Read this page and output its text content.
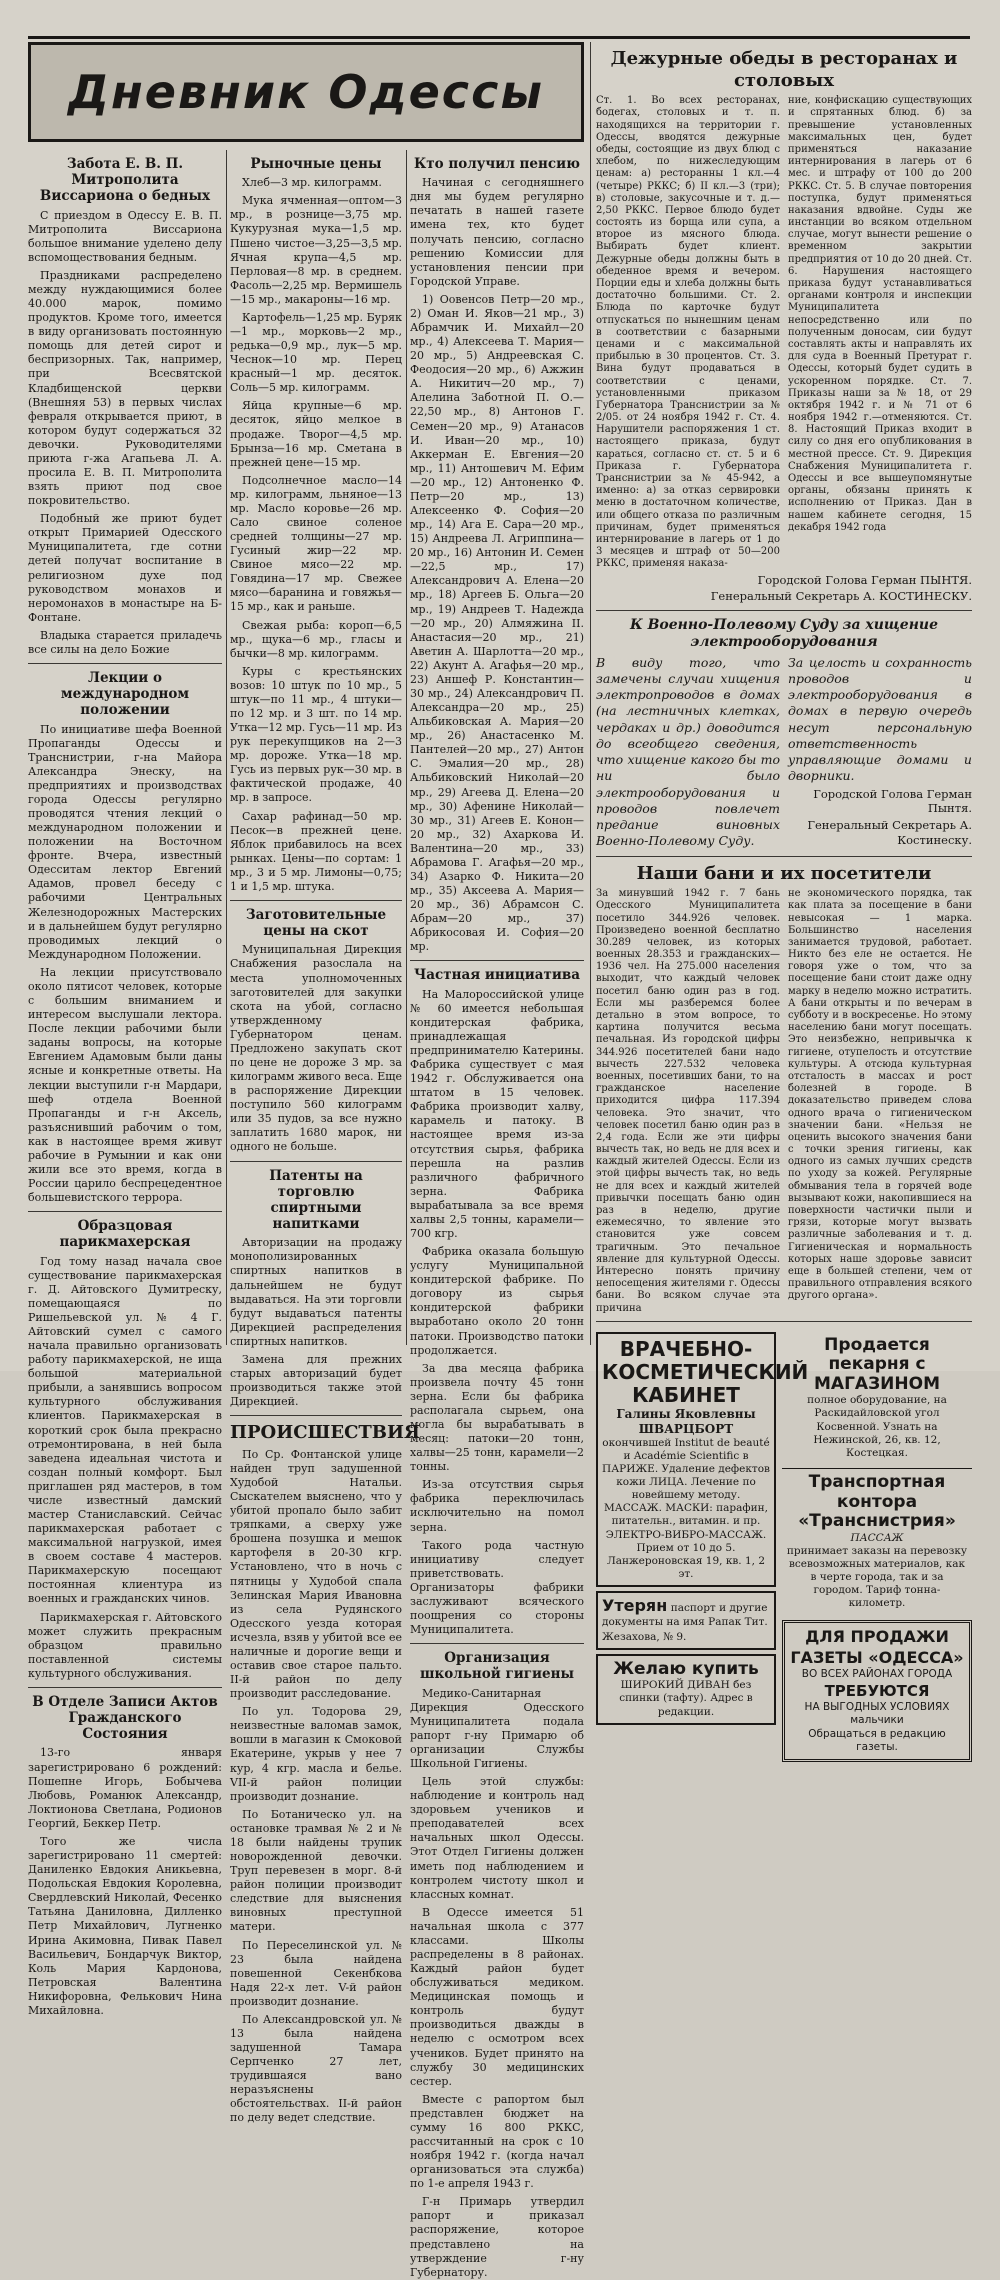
Дневник Одессы
Забота Е. В. П. Митрополита Виссариона о бедных

С приездом в Одессу Е. В. П. Митрополита Виссариона большое внимание уделено делу вспомоществования бедным.

Праздниками распределено между нуждающимися более 40.000 марок, помимо продуктов. Кроме того, имеется в виду организовать постоянную помощь для детей сирот и беспризорных. Так, например, при Всесвятской Кладбищенской церкви (Внешняя 53) в первых числах февраля открывается приют, в котором будут содержаться 32 девочки. Руководителями приюта г-жа Агапьева Л. А. просила Е. В. П. Митрополита взять приют под свое покровительство.

Подобный же приют будет открыт Примарией Одесского Муниципалитета, где сотни детей получат воспитание в религиозном духе под руководством монахов и неромонахов в монастыре на Б-Фонтане.

Владыка старается приладечь все силы на дело Божие

Лекции о международном положении

По инициативе шефа Военной Пропаганды Одессы и Транснистрии, г-на Майора Александра Энеску, на предприятиях и производствах города Одессы регулярно проводятся чтения лекций о международном положении и положении на Восточном фронте. Вчера, известный Одесситам лектор Евгений Адамов, провел беседу с рабочими Центральных Железнодорожных Мастерских и в дальнейшем будут регулярно проводимых лекций о Международном Положении.

На лекции присутствовало около пятисот человек, которые с большим вниманием и интересом выслушали лектора. После лекции рабочими были заданы вопросы, на которые Евгением Адамовым были даны ясные и конкретные ответы. На лекции выступили г-н Мардари, шеф отдела Военной Пропаганды и г-н Аксель, разъяснивший рабочим о том, как в настоящее время живут рабочие в Румынии и как они жили все это время, когда в России царило беспрецедентное большевистского террора.

Образцовая парикмахерская

Год тому назад начала свое существование парикмахерская г. Д. Айтовского Думитреску, помещающаяся по Ришельевской ул. № 4 Г. Айтовский сумел с самого начала правильно организовать работу парикмахерской, не ища большой материальной прибыли, а занявшись вопросом культурного обслуживания клиентов. Парикмахерская в короткий срок была прекрасно отремонтирована, в ней была заведена идеальная чистота и создан полный комфорт. Был приглашен ряд мастеров, в том числе известный дамский мастер Станиславский. Сейчас парикмахерская работает с максимальной нагрузкой, имея в своем составе 4 мастеров. Парикмахерскую посещают постоянная клиентура из военных и гражданских чинов.

Парикмахерская г. Айтовского может служить прекрасным образцом правильно поставленной системы культурного обслуживания.

В Отделе Записи Актов Гражданского Состояния

13-го января зарегистрировано 6 рождений: Пошепне Игорь, Бобычева Любовь, Романюк Александр, Локтионова Светлана, Родионов Георгий, Беккер Петр.

Того же числа зарегистрировано 11 смертей: Даниленко Евдокия Аникьевна, Подольская Евдокия Королевна, Свердлевский Николай, Фесенко Татьяна Даниловна, Дилленко Петр Михайлович, Лугненко Ирина Акимовна, Пивак Павел Васильевич, Бондарчук Виктор, Коль Мария Кардонова, Петровская Валентина Никифоровна, Фелькович Нина Михайловна.

Рыночные цены

Хлеб—3 мр. килограмм.

Мука ячменная—оптом—3 мр., в рознице—3,75 мр. Кукурузная мука—1,5 мр. Пшено чистое—3,25—3,5 мр. Ячная крупа—4,5 мр. Перловая—8 мр. в среднем. Фасоль—2,25 мр. Вермишель—15 мр., макароны—16 мр.

Картофель—1,25 мр. Буряк—1 мр., морковь—2 мр., редька—0,9 мр., лук—5 мр. Чеснок—10 мр. Перец красный—1 мр. десяток. Соль—5 мр. килограмм.

Яйца крупные—6 мр. десяток, яйцо мелкое в продаже. Творог—4,5 мр. Брынза—16 мр. Сметана в прежней цене—15 мр.

Подсолнечное масло—14 мр. килограмм, льняное—13 мр. Масло коровье—26 мр. Сало свиное соленое средней толщины—27 мр. Гусиный жир—22 мр. Свиное мясо—22 мр. Говядина—17 мр. Свежее мясо—баранина и говяжья—15 мр., как и раньше.

Свежая рыба: короп—6,5 мр., щука—6 мр., гласы и бычки—8 мр. килограмм.

Куры с крестьянских возов: 10 штук по 10 мр., 5 штук—по 11 мр., 4 штуки—по 12 мр. и 3 шт. по 14 мр. Утка—12 мр. Гусь—11 мр. Из рук перекупщиков на 2—3 мр. дороже. Утка—18 мр. Гусь из первых рук—30 мр. в фактической продаже, 40 мр. в запросе.

Сахар рафинад—50 мр. Песок—в прежней цене. Яблок прибавилось на всех рынках. Цены—по сортам: 1 мр., 3 и 5 мр. Лимоны—0,75; 1 и 1,5 мр. штука.

Заготовительные цены на скот

Муниципальная Дирекция Снабжения разослала на места уполномоченных заготовителей для закупки скота на убой, согласно утвержденному Губернатором ценам. Предложено закупать скот по цене не дороже 3 мр. за килограмм живого веса. Еще в распоряжение Дирекции поступило 560 килограмм или 35 пудов, за все нужно заплатить 1680 марок, ни одного не больше.

Патенты на торговлю спиртными напитками

Авторизации на продажу монополизированных спиртных напитков в дальнейшем не будут выдаваться. На эти торговли будут выдаваться патенты Дирекцией распределения спиртных напитков.

Замена для прежних старых авторизаций будет производиться также этой Дирекцией.

ПРОИСШЕСТВИЯ

По Ср. Фонтанской улице найден труп задушенной Худобой Натальи. Сыскателем выяснено, что у убитой пропало было забит тряпками, а сверху уже брошена позушка и мешок картофеля в 20-30 кгр. Установлено, что в ночь с пятницы у Худобой спала Зелинская Мария Ивановна из села Рудянского Одесского уезда которая исчезла, взяв у убитой все ее наличные и дорогие вещи и оставив свое старое пальто. II-й район по делу производит расследование.

По ул. Тодорова 29, неизвестные валомав замок, вошли в магазин к Смоковой Екатерине, укрыв у нее 7 кур, 4 кгр. масла и белье. VII-й район полиции производит дознание.

По Ботаническо ул. на остановке трамвая № 2 и № 18 были найдены трупик новорожденной девочки. Труп перевезен в морг. 8-й район полиции производит следствие для выяснения виновных преступной матери.

По Переселинской ул. № 23 была найдена повешенной Секенбкова Надя 22-х лет. V-й район производит дознание.

По Александровской ул. № 13 была найдена задушенной Тамара Серпченко 27 лет, трудившаяся вано неразъяснены обстоятельствах. II-й район по делу ведет следствие.

Кто получил пенсию

Начиная с сегодняшнего дня мы будем регулярно печатать в нашей газете имена тех, кто будет получать пенсию, согласно решению Комиссии для установления пенсии при Городской Управе.

1) Оовенсов Петр—20 мр., 2) Оман И. Яков—21 мр., 3) Абрамчик И. Михайл—20 мр., 4) Алексеева Т. Мария—20 мр., 5) Андреевская С. Феодосия—20 мр., 6) Ажжин А. Никитич—20 мр., 7) Алелина Заботной П. О.—22,50 мр., 8) Антонов Г. Семен—20 мр., 9) Атанасов И. Иван—20 мр., 10) Аккерман Е. Евгения—20 мр., 11) Антошевич М. Ефим—20 мр., 12) Антоненко Ф. Петр—20 мр., 13) Алексеенко Ф. София—20 мр., 14) Ага Е. Сара—20 мр., 15) Андреева Л. Агриппина—20 мр., 16) Антонин И. Семен—22,5 мр., 17) Александрович А. Елена—20 мр., 18) Аргеев Б. Ольга—20 мр., 19) Андреев Т. Надежда—20 мр., 20) Алмяжина II. Анастасия—20 мр., 21) Аветин А. Шарлотта—20 мр., 22) Акунт А. Агафья—20 мр., 23) Аншеф Р. Константин—30 мр., 24) Александрович П. Александра—20 мр., 25) Альбиковская А. Мария—20 мр., 26) Анастасенко М. Пантелей—20 мр., 27) Антон С. Эмалия—20 мр., 28) Альбиковский Николай—20 мр., 29) Агеева Д. Елена—20 мр., 30) Афенине Николай—30 мр., 31) Агеев Е. Конон—20 мр., 32) Ахаркова И. Валентина—20 мр., 33) Абрамова Г. Агафья—20 мр., 34) Азарко Ф. Никита—20 мр., 35) Аксеева А. Мария—20 мр., 36) Абрамсон С. Абрам—20 мр., 37) Абрикосовая И. София—20 мр.

Частная инициатива

На Малороссийской улице № 60 имеется небольшая кондитерская фабрика, принадлежащая предпринимателю Катерины. Фабрика существует с мая 1942 г. Обслуживается она штатом в 15 человек. Фабрика производит халву, карамель и патоку. В настоящее время из-за отсутствия сырья, фабрика перешла на разлив различного фабричного зерна. Фабрика вырабатывала за все время халвы 2,5 тонны, карамели—700 кгр.

Фабрика оказала большую услугу Муниципальной кондитерской фабрике. По договору из сырья кондитерской фабрики выработано около 20 тонн патоки. Производство патоки продолжается.

За два месяца фабрика произвела почту 45 тонн зерна. Если бы фабрика располагала сырьем, она могла бы вырабатывать в месяц: патоки—20 тонн, халвы—25 тонн, карамели—2 тонны.

Из-за отсутствия сырья фабрика переключилась исключительно на помол зерна.

Такого рода частную инициативу следует приветствовать. Организаторы фабрики заслуживают всяческого поощрения со стороны Муниципалитета.

Организация школьной гигиены

Медико-Санитарная Дирекция Одесского Муниципалитета подала рапорт г-ну Примарю об организации Службы Школьной Гигиены.

Цель этой службы: наблюдение и контроль над здоровьем учеников и преподавателей всех начальных школ Одессы. Этот Отдел Гигиены должен иметь под наблюдением и контролем чистоту школ и классных комнат.

В Одессе имеется 51 начальная школа с 377 классами. Школы распределены в 8 районах. Каждый район будет обслуживаться медиком. Медицинская помощь и контроль будут производиться дважды в неделю с осмотром всех учеников. Будет принято на службу 30 медицинских сестер.

Вместе с рапортом был представлен бюджет на сумму 16 800 РККС, рассчитанный на срок с 10 ноября 1942 г. (когда начал организоваться эта служба) по 1-е апреля 1943 г.

Г-н Примарь утвердил рапорт и приказал распоряжение, которое представлено на утверждение г-ну Губернатору.

Дежурные обеды в ресторанах и столовых
Ст. 1. Во всех ресторанах, бодегах, столовых и т. п. находящихся на территории г. Одессы, вводятся дежурные обеды, состоящие из двух блюд с хлебом, по нижеследующим ценам: а) ресторанны 1 кл.—4 (четыре) РККС; б) II кл.—3 (три); в) столовые, закусочные и т. д.—2,50 РККС. Первое блюдо будет состоять из борща или супа, а второе из мясного блюда. Выбирать будет клиент. Дежурные обеды должны быть в обеденное время и вечером. Порции еды и хлеба должны быть достаточно большими. Ст. 2. Блюда по карточке будут отпускаться по нынешним ценам в соответствии с базарными ценами и с максимальной прибылью в 30 процентов. Ст. 3. Вина будут продаваться в соответствии с ценами, установленными приказом Губернатора Транснистрии за № 2/05. от 24 ноября 1942 г. Ст. 4. Нарушители распоряжения 1 ст. настоящего приказа, будут караться, согласно ст. ст. 5 и 6 Приказа г. Губернатора Транснистрии за № 45-942, а именно: а) за отказ сервировки меню в достаточном количестве, или общего отказа по различным причинам, будет применяться интернирование в лагерь от 1 до 3 месяцев и штраф от 50—200 РККС, применяя наказа-
ние, конфискацию существующих и спрятанных блюд. б) за превышение установленных максимальных цен, будет применяться наказание интернирования в лагерь от 6 мес. и штрафу от 100 до 200 РККС. Ст. 5. В случае повторения поступка, будут применяться наказания вдвойне. Суды же инстанции во всяком отдельном случае, могут вынести решение о временном закрытии предприятия от 10 до 20 дней. Ст. 6. Нарушения настоящего приказа будут устанавливаться органами контроля и инспекции Муниципалитета непосредственно или по полученным доносам, сии будут составлять акты и направлять их для суда в Военный Претурат г. Одессы, который будет судить в ускоренном порядке. Ст. 7. Приказы наши за № 18, от 29 октября 1942 г. и № 71 от 6 ноября 1942 г.—отменяются. Ст. 8. Настоящий Приказ входит в силу со дня его опубликования в местной прессе. Ст. 9. Дирекция Снабжения Муниципалитета г. Одессы и все вышеупомянутые органы, обязаны принять к исполнению от Приказ. Дан в нашем кабинете сегодня, 15 декабря 1942 года
Городской Голова Герман ПЫНТЯ.
Генеральный Секретарь А. КОСТИНЕСКУ.
К Военно-Полевому Суду за хищение электрооборудования
В виду того, что замечены случаи хищения электропроводов в домах (на лестничных клетках, чердаках и др.) доводится до всеобщего сведения, что хищение какого бы то ни было электрооборудования и проводов повлечет предание виновных Военно-Полевому Суду.
За целость и сохранность проводов и электрооборудования в домах в первую очередь несут персональную ответственность управляющие домами и дворники.
Городской Голова Герман Пынтя.
Генеральный Секретарь А. Костинеску.
Наши бани и их посетители
За минувший 1942 г. 7 бань Одесского Муниципалитета посетило 344.926 человек. Произведено военной бесплатно 30.289 человек, из которых военных 28.353 и гражданских—1936 чел. На 275.000 населения выходит, что каждый человек посетил баню один раз в год. Если мы разберемся более детально в этом вопросе, то картина получится весьма печальная. Из городской цифры 344.926 посетителей бани надо вычесть 227.532 человека военных, посетивших бани, то на гражданское население приходится цифра 117.394 человека. Это значит, что человек посетил баню один раз в 2,4 года. Если же эти цифры вычесть так, но ведь не для всех и каждый жителей Одессы. Если из этой цифры вычесть так, но ведь не для всех и каждый жителей привычки посещать баню один раз в неделю, другие ежемесячно, то явление это становится уже совсем трагичным. Это печальное явление для культурной Одессы. Интересно понять причину непосещения жителями г. Одессы бани. Во всяком случае эта причина
не экономического порядка, так как плата за посещение в бани невысокая — 1 марка. Большинство населения занимается трудовой, работает. Никто без еле не остается. Не говоря уже о том, что за посещение бани стоит даже одну марку в неделю можно истратить. А бани открыты и по вечерам в субботу и в воскресенье. Но этому населению бани могут посещать. Это неизбежно, непривычка к гигиене, отупелость и отсутствие культуры. А отсюда культурная отсталость в массах и рост болезней в городе. В доказательство приведем слова одного врача о гигиеническом значении бани. «Нельзя не оценить высокого значения бани с точки зрения гигиены, как одного из самых лучших средств по уходу за кожей. Регулярные обмывания тела в горячей воде вызывают кожи, накопившиеся на поверхности частички пыли и грязи, которые могут вызвать различные заболевания и т. д. Гигиеническая и нормальность которых наше здоровье зависит еще в большей степени, чем от правильного отправления всякого другого органа».
ВРАЧЕБНО-КОСМЕТИЧЕСКИЙ КАБИНЕТ
Галины Яковлевны ШВАРЦБОРТ
окончившей Institut de beauté и Académie Scientific в ПАРИЖЕ. Удаление дефектов кожи ЛИЦА. Лечение по новейшему методу. МАССАЖ. МАСКИ: парафин, питательн., витамин. и пр. ЭЛЕКТРО-ВИБРО-МАССАЖ. Прием от 10 до 5. Ланжероновская 19, кв. 1, 2 эт.
Утерян паспорт и другие документы на имя Рапак Тит. Жезахова, № 9.
Желаю купить
ШИРОКИЙ ДИВАН без спинки (тафту). Адрес в редакции.
Продается пекарня с МАГАЗИНОМ
полное оборудование, на Раскидайловской угол Косвенной. Узнать на Нежинской, 26, кв. 12, Костецкая.
Транспортная контора «Транснистрия»
ПАССАЖ
принимает заказы на перевозку всевозможных материалов, как в черте города, так и за городом. Тариф тонна-километр.
ДЛЯ ПРОДАЖИ ГАЗЕТЫ «ОДЕССА»
ВО ВСЕХ РАЙОНАХ ГОРОДА
ТРЕБУЮТСЯ
НА ВЫГОДНЫХ УСЛОВИЯХ мальчики
Обращаться в редакцию газеты.
